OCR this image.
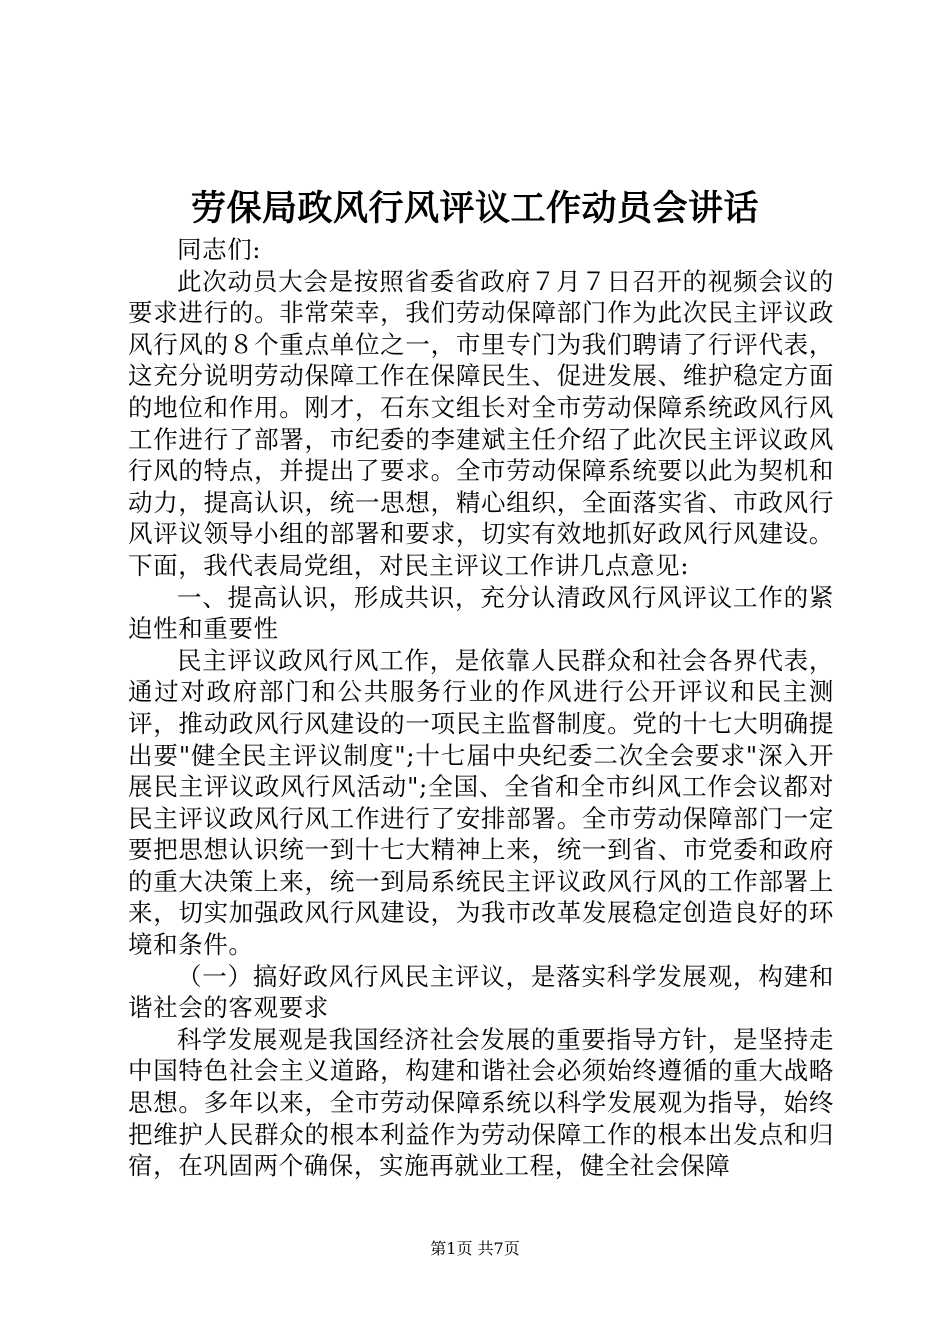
劳保局政风行风评议工作动员会讲话

同志们:

此次动员大会是按照省委省政府７月７日召开的视频会议的要求进行的。非常荣幸，我们劳动保障部门作为此次民主评议政风行风的８个重点单位之一，市里专门为我们聘请了行评代表，这充分说明劳动保障工作在保障民生、促进发展、维护稳定方面的地位和作用。刚才，石东文组长对全市劳动保障系统政风行风工作进行了部署，市纪委的李建斌主任介绍了此次民主评议政风行风的特点，并提出了要求。全市劳动保障系统要以此为契机和动力，提高认识，统一思想，精心组织，全面落实省、市政风行风评议领导小组的部署和要求，切实有效地抓好政风行风建设。下面，我代表局党组，对民主评议工作讲几点意见:

一、提高认识，形成共识，充分认清政风行风评议工作的紧迫性和重要性

民主评议政风行风工作，是依靠人民群众和社会各界代表，通过对政府部门和公共服务行业的作风进行公开评议和民主测评，推动政风行风建设的一项民主监督制度。党的十七大明确提出要"健全民主评议制度";十七届中央纪委二次全会要求"深入开展民主评议政风行风活动";全国、全省和全市纠风工作会议都对民主评议政风行风工作进行了安排部署。全市劳动保障部门一定要把思想认识统一到十七大精神上来，统一到省、市党委和政府的重大决策上来，统一到局系统民主评议政风行风的工作部署上来，切实加强政风行风建设，为我市改革发展稳定创造良好的环境和条件。

（一）搞好政风行风民主评议，是落实科学发展观，构建和谐社会的客观要求

科学发展观是我国经济社会发展的重要指导方针，是坚持走中国特色社会主义道路，构建和谐社会必须始终遵循的重大战略思想。多年以来，全市劳动保障系统以科学发展观为指导，始终把维护人民群众的根本利益作为劳动保障工作的根本出发点和归宿，在巩固两个确保，实施再就业工程，健全社会保障

第1页 共7页
